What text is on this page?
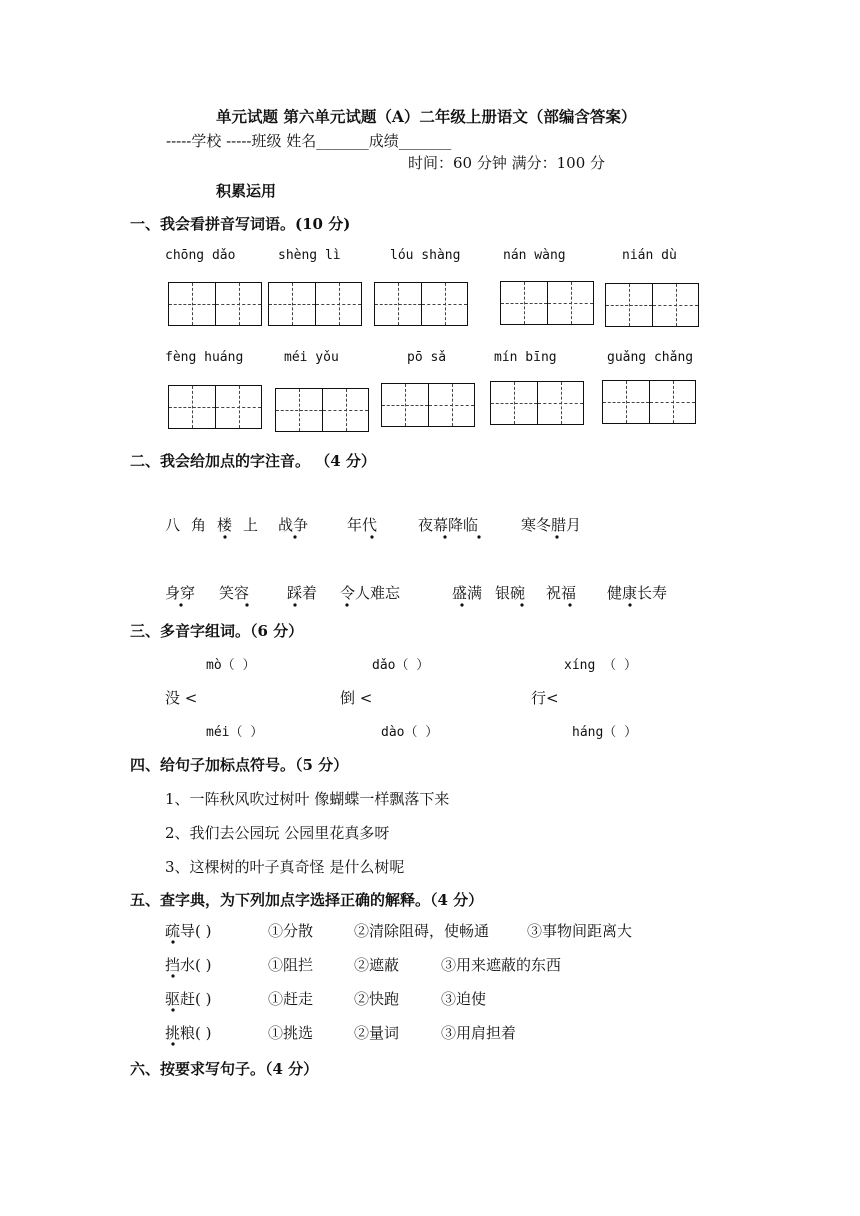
单元试题 第六单元试题（A）二年级上册语文（部编含答案）
-----学校 -----班级 姓名_______成绩_______
时间：60 分钟 满分：100 分
积累运用
一、我会看拼音写词语。(10 分)
chōng dǎo	shèng lì	lóu shàng	nán wàng	nián dù
fèng huáng	méi yǒu	pō sǎ	mín bīng	guǎng chǎng
二、我会给加点的字注音。 （4 分）
八 角 楼 上 战争	年代	夜幕降临	寒冬腊月
身穿 笑容	踩着 令人难忘	盛满 银碗 祝福 健康长寿
三、多音字组词。（6 分）
mò（ ）	dǎo（ ）	xíng （ ）
没 <	倒 <	行<
méi（ ）	dào（ ）	háng（ ）
四、给句子加标点符号。（5 分）
1、一阵秋风吹过树叶 像蝴蝶一样飘落下来
2、我们去公园玩 公园里花真多呀
3、这棵树的叶子真奇怪 是什么树呢
五、查字典，为下列加点字选择正确的解释。（4 分）
疏导( )	①分散	②清除阻碍，使畅通	③事物间距离大
挡水( )	①阻拦	②遮蔽	③用来遮蔽的东西
驱赶( )	①赶走	②快跑	③迫使
挑粮( )	①挑选	②量词	③用肩担着
六、按要求写句子。（4 分）
